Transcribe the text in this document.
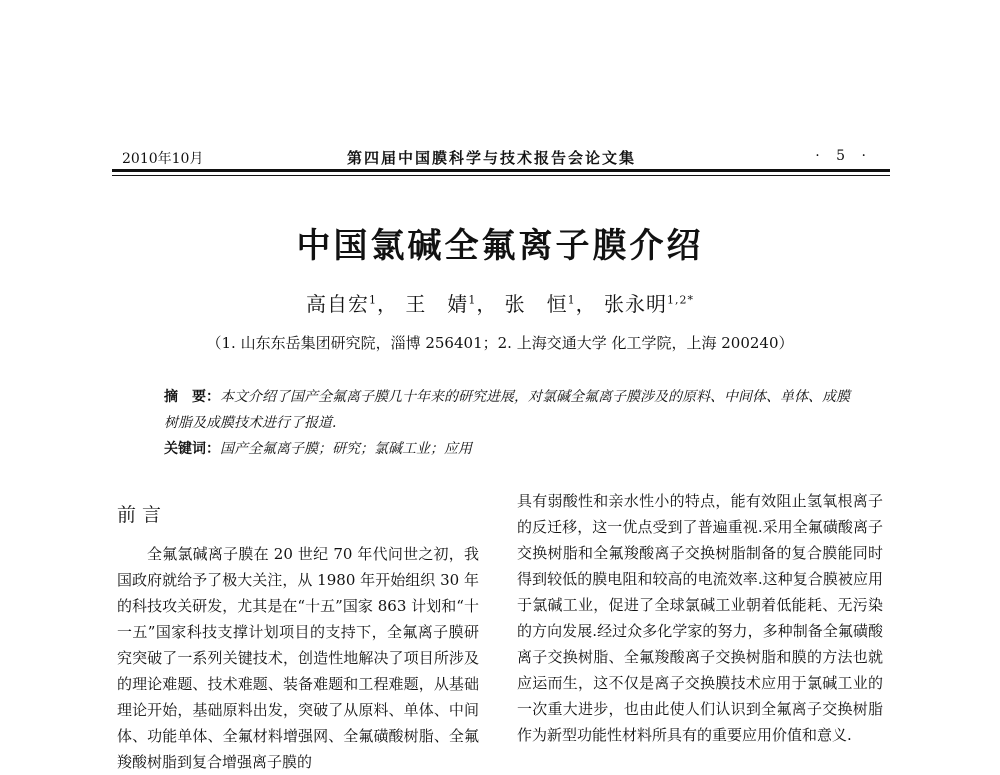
2010年10月	第四届中国膜科学与技术报告会论文集	· 5 ·
中国氯碱全氟离子膜介绍
高自宏$^1$， 王　婧$^1$， 张　恒$^1$， 张永明$^{1,2*}$
（1. 山东东岳集团研究院，淄博 256401；2. 上海交通大学 化工学院，上海 200240）
摘　要：本文介绍了国产全氟离子膜几十年来的研究进展，对氯碱全氟离子膜涉及的原料、中间体、单体、成膜树脂及成膜技术进行了报道.
关键词：国产全氟离子膜；研究；氯碱工业；应用
前言

全氟氯碱离子膜在 20 世纪 70 年代问世之初，我国政府就给予了极大关注，从 1980 年开始组织 30 年的科技攻关研发，尤其是在“十五”国家 863 计划和“十一五”国家科技支撑计划项目的支持下，全氟离子膜研究突破了一系列关键技术，创造性地解决了项目所涉及的理论难题、技术难题、装备难题和工程难题，从基础理论开始，基础原料出发，突破了从原料、单体、中间体、功能单体、全氟材料增强网、全氟磺酸树脂、全氟羧酸树脂到复合增强离子膜的

具有弱酸性和亲水性小的特点，能有效阻止氢氧根离子的反迁移，这一优点受到了普遍重视.采用全氟磺酸离子交换树脂和全氟羧酸离子交换树脂制备的复合膜能同时得到较低的膜电阻和较高的电流效率.这种复合膜被应用于氯碱工业，促进了全球氯碱工业朝着低能耗、无污染的方向发展.经过众多化学家的努力，多种制备全氟磺酸离子交换树脂、全氟羧酸离子交换树脂和膜的方法也就应运而生，这不仅是离子交换膜技术应用于氯碱工业的一次重大进步，也由此使人们认识到全氟离子交换树脂作为新型功能性材料所具有的重要应用价值和意义.
